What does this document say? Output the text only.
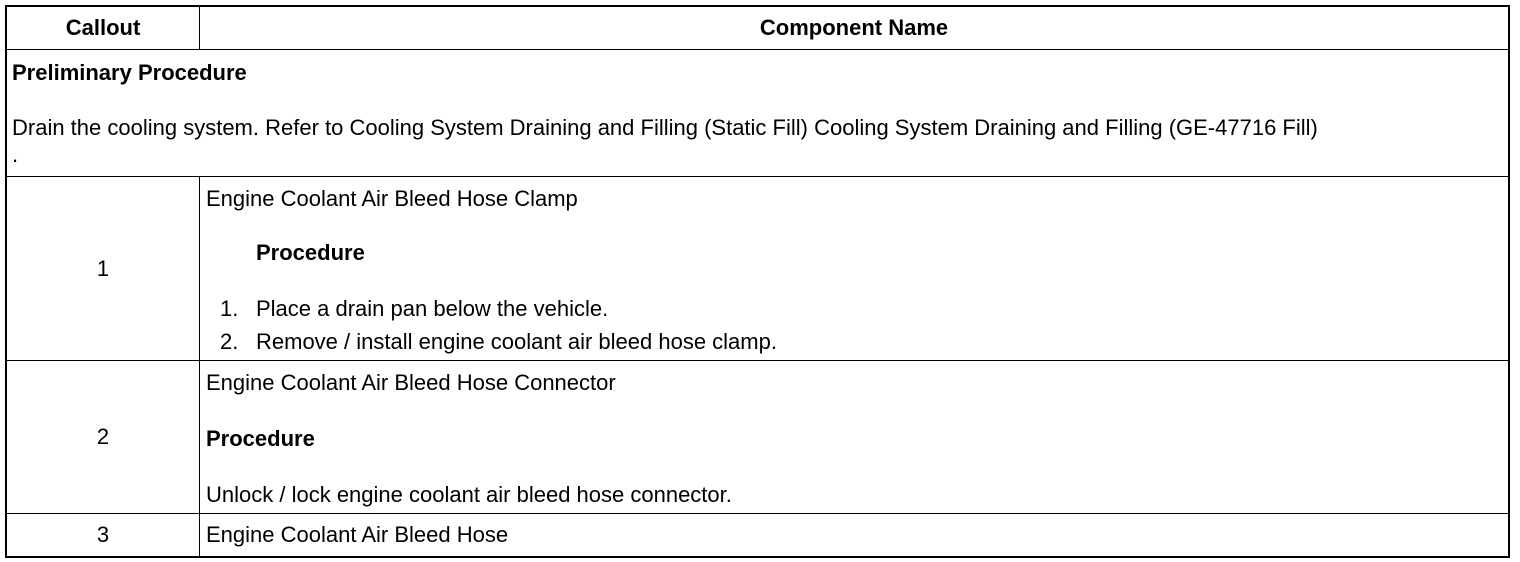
Callout	Component Name
Preliminary Procedure
Drain the cooling system. Refer to Cooling System Draining and Filling (Static Fill) Cooling System Draining and Filling (GE-47716 Fill)
.
1
Engine Coolant Air Bleed Hose Clamp
Procedure
1. Place a drain pan below the vehicle.
2. Remove / install engine coolant air bleed hose clamp.
2
Engine Coolant Air Bleed Hose Connector
Procedure
Unlock / lock engine coolant air bleed hose connector.
3	Engine Coolant Air Bleed Hose
